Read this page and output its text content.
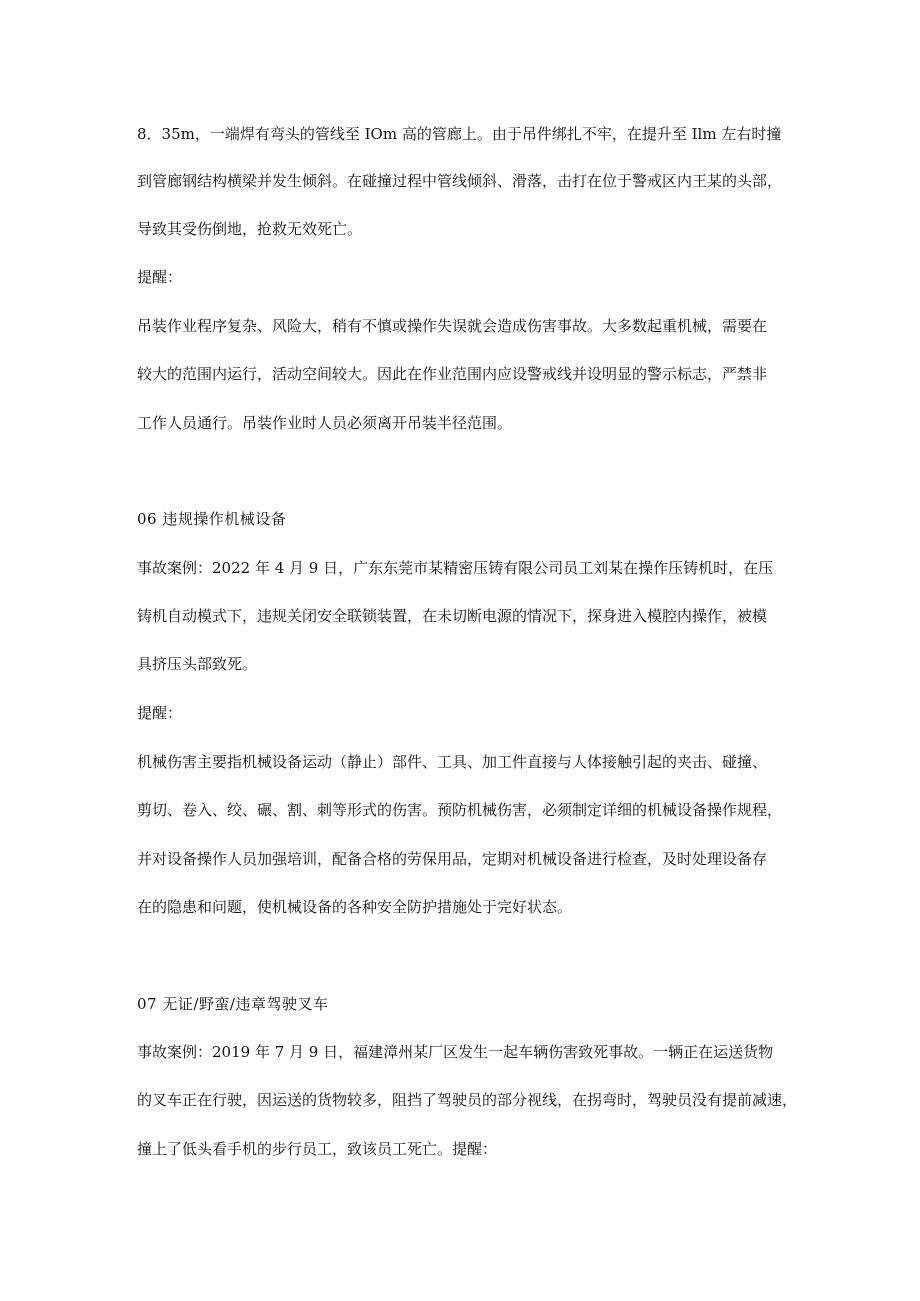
8．35m，一端焊有弯头的管线至 IOm 高的管廊上。由于吊件绑扎不牢，在提升至 Ilm 左右时撞
到管廊钢结构横梁并发生倾斜。在碰撞过程中管线倾斜、滑落，击打在位于警戒区内王某的头部，
导致其受伤倒地，抢救无效死亡。
提醒：
吊装作业程序复杂、风险大，稍有不慎或操作失误就会造成伤害事故。大多数起重机械，需要在
较大的范围内运行，活动空间较大。因此在作业范围内应设警戒线并设明显的警示标志，严禁非
工作人员通行。吊装作业时人员必须离开吊装半径范围。
06 违规操作机械设备
事故案例：2022 年 4 月 9 日，广东东莞市某精密压铸有限公司员工刘某在操作压铸机时，在压
铸机自动模式下，违规关闭安全联锁装置，在未切断电源的情况下，探身进入模腔内操作，被模
具挤压头部致死。
提醒：
机械伤害主要指机械设备运动（静止）部件、工具、加工件直接与人体接触引起的夹击、碰撞、
剪切、卷入、绞、碾、割、刺等形式的伤害。预防机械伤害，必须制定详细的机械设备操作规程，
并对设备操作人员加强培训，配备合格的劳保用品，定期对机械设备进行检查，及时处理设备存
在的隐患和问题，使机械设备的各种安全防护措施处于完好状态。
07 无证/野蛮/违章驾驶叉车
事故案例：2019 年 7 月 9 日，福建漳州某厂区发生一起车辆伤害致死事故。一辆正在运送货物
的叉车正在行驶，因运送的货物较多，阻挡了驾驶员的部分视线，在拐弯时，驾驶员没有提前减速，
撞上了低头看手机的步行员工，致该员工死亡。提醒：
